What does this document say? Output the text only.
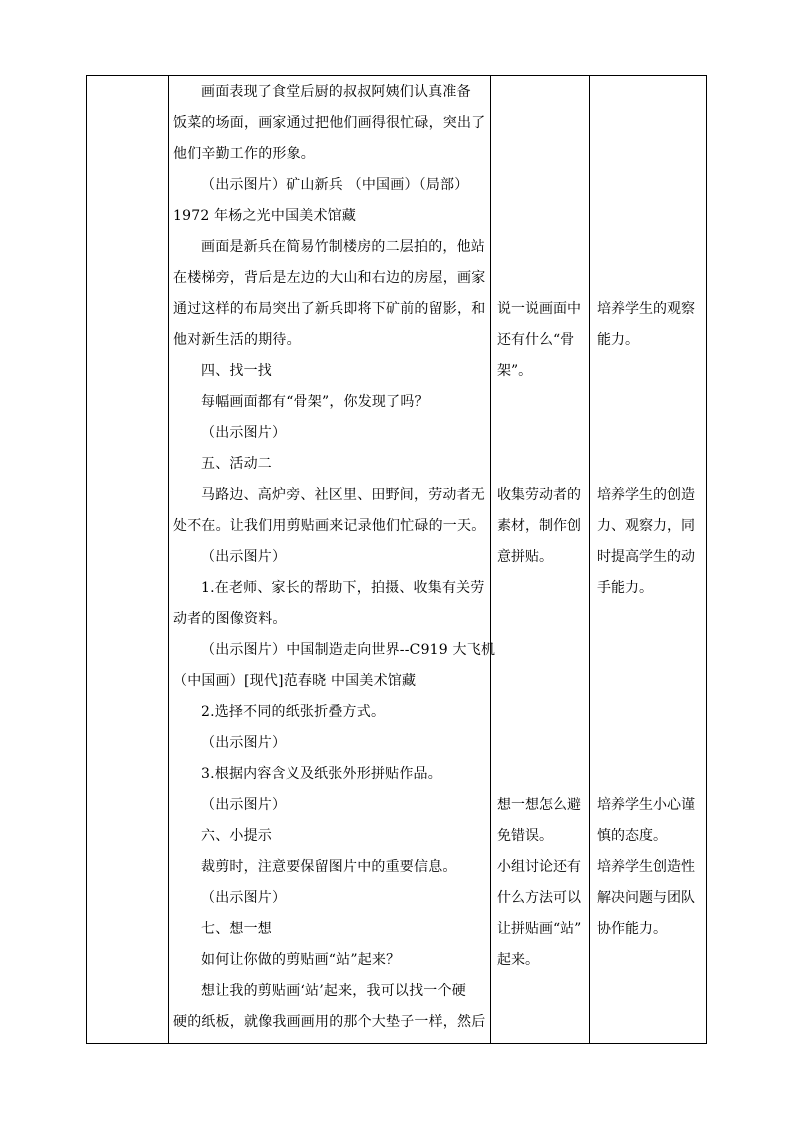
画面表现了食堂后厨的叔叔阿姨们认真准备

饭菜的场面，画家通过把他们画得很忙碌，突出了

他们辛勤工作的形象。

（出示图片）矿山新兵 （中国画）（局部）

1972 年杨之光中国美术馆藏

画面是新兵在简易竹制楼房的二层拍的，他站

在楼梯旁，背后是左边的大山和右边的房屋，画家

通过这样的布局突出了新兵即将下矿前的留影，和

他对新生活的期待。

四、找一找

每幅画面都有“骨架”，你发现了吗？

（出示图片）

五、活动二

马路边、高炉旁、社区里、田野间，劳动者无

处不在。让我们用剪贴画来记录他们忙碌的一天。

（出示图片）

1.在老师、家长的帮助下，拍摄、收集有关劳

动者的图像资料。

（出示图片）中国制造走向世界--C919 大飞机

（中国画）[现代]范春晓 中国美术馆藏

2.选择不同的纸张折叠方式。

（出示图片）

3.根据内容含义及纸张外形拼贴作品。

（出示图片）

六、小提示

裁剪时，注意要保留图片中的重要信息。

（出示图片）

七、想一想

如何让你做的剪贴画“站”起来？

想让我的剪贴画‘站’起来，我可以找一个硬

硬的纸板，就像我画画用的那个大垫子一样，然后

说一说画面中

还有什么“骨

架”。

收集劳动者的

素材，制作创

意拼贴。

想一想怎么避

免错误。

小组讨论还有

什么方法可以

让拼贴画“站”

起来。

培养学生的观察

能力。

培养学生的创造

力、观察力，同

时提高学生的动

手能力。

培养学生小心谨

慎的态度。

培养学生创造性

解决问题与团队

协作能力。
